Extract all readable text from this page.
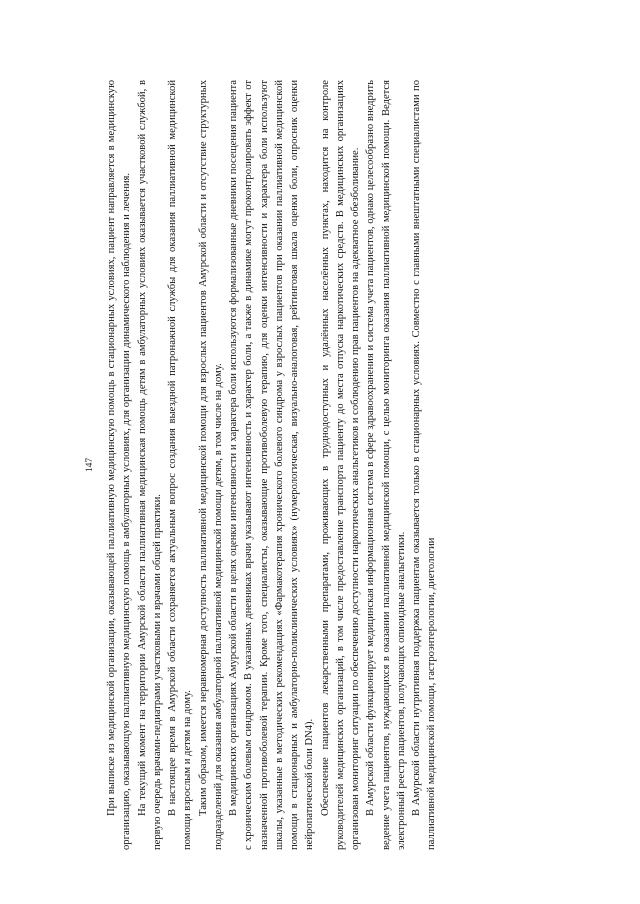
147 При выписке из медицинской организации, оказывающей паллиативную медицинскую помощь в стационарных условиях, пациент направляется в медицинскую организацию, оказывающую паллиативную медицинскую помощь в амбулаторных условиях, для организации динамического наблюдения и лечения. На текущий момент на территории Амурской области паллиативная медицинская помощь детям в амбулаторных условиях оказывается участковой службой, в первую очередь врачами-педиатрами участковыми и врачами общей практики. В настоящее время в Амурской области сохраняется актуальным вопрос создания выездной патронажной службы для оказания паллиативной медицинской помощи взрослым и детям на дому. Таким образом, имеется неравномерная доступность паллиативной медицинской помощи для взрослых пациентов Амурской области и отсутствие структурных подразделений для оказания амбулаторной паллиативной медицинской помощи детям, в том числе на дому. В медицинских организациях Амурской области в целях оценки интенсивности и характера боли используются формализованные дневники посещения пациента с хроническим болевым синдромом. В указанных дневниках врачи указывают интенсивность и характер боли, а также в динамике могут проконтролировать эффект от назначенной противоболевой терапии. Кроме того, специалисты, оказывающие противоболевую терапию, для оценки интенсивности и характера боли используют шкалы, указанные в методических рекомендациях «Фармакотерапия хронического болевого синдрома у взрослых пациентов при оказании паллиативной медицинской помощи в стационарных и амбулаторно-поликлинических условиях» (нумерологическая, визуально-аналоговая, рейтинговая шкала оценки боли, опросник оценки нейропатической боли DN4). Обеспечение пациентов лекарственными препаратами, проживающих в труднодоступных и удалённых населённых пунктах, находится на контроле руководителей медицинских организаций, в том числе предоставление транспорта пациенту до места отпуска наркотических средств. В медицинских организациях организован мониторинг ситуации по обеспечению доступности наркотических анальгетиков и соблюдению прав пациентов на адекватное обезболивание. В Амурской области функционирует медицинская информационная система в сфере здравоохранения и система учета пациентов, однако целесообразно внедрить ведение учета пациентов, нуждающихся в оказании паллиативной медицинской помощи, с целью мониторинга оказания паллиативной медицинской помощи. Ведется электронный реестр пациентов, получающих опиоидные анальгетики. В Амурской области нутритивная поддержка пациентам оказывается только в стационарных условиях. Совместно с главными внештатными специалистами по паллиативной медицинской помощи, гастроэнтерологии, диетологии
